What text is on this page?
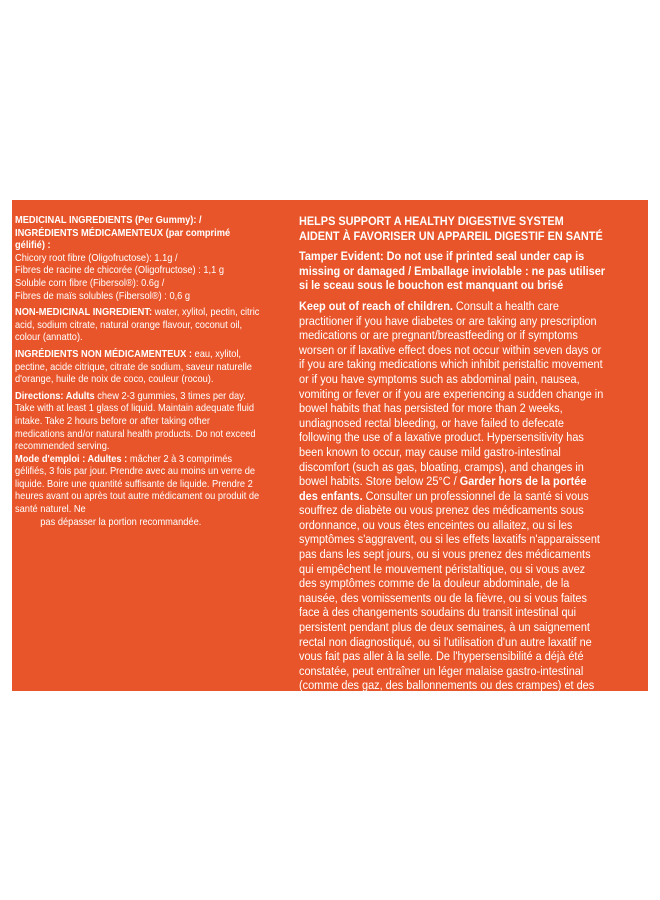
MEDICINAL INGREDIENTS (Per Gummy): /

INGRÉDIENTS MÉDICAMENTEUX (par comprimé gélifié) :

Chicory root fibre (Oligofructose): 1.1g /

Fibres de racine de chicorée (Oligofructose) : 1,1 g

Soluble corn fibre (Fibersol®): 0.6g /

Fibres de maïs solubles (Fibersol®) : 0,6 g

NON-MEDICINAL INGREDIENT: water, xylitol, pectin, citric acid, sodium citrate, natural orange flavour, coconut oil, colour (annatto).

INGRÉDIENTS NON MÉDICAMENTEUX : eau, xylitol, pectine, acide citrique, citrate de sodium, saveur naturelle d'orange, huile de noix de coco, couleur (rocou).

Directions: Adults chew 2-3 gummies, 3 times per day. Take with at least 1 glass of liquid. Maintain adequate fluid intake. Take 2 hours before or after taking other medications and/or natural health products. Do not exceed recommended serving.

Mode d'emploi : Adultes : mâcher 2 à 3 comprimés gélifiés, 3 fois par jour. Prendre avec au moins un verre de liquide. Boire une quantité suffisante de liquide. Prendre 2 heures avant ou après tout autre médicament ou produit de santé naturel. Ne

pas dépasser la portion recommandée.

HELPS SUPPORT A HEALTHY DIGESTIVE SYSTEM

AIDENT À FAVORISER UN APPAREIL DIGESTIF EN SANTÉ

Tamper Evident: Do not use if printed seal under cap is missing or damaged / Emballage inviolable : ne pas utiliser si le sceau sous le bouchon est manquant ou brisé

Keep out of reach of children. Consult a health care practitioner if you have diabetes or are taking any prescription medications or are pregnant/breastfeeding or if symptoms worsen or if laxative effect does not occur within seven days or if you are taking medications which inhibit peristaltic movement or if you have symptoms such as abdominal pain, nausea, vomiting or fever or if you are experiencing a sudden change in bowel habits that has persisted for more than 2 weeks, undiagnosed rectal bleeding, or have failed to defecate following the use of a laxative product. Hypersensitivity has been known to occur, may cause mild gastro-intestinal discomfort (such as gas, bloating, cramps), and changes in bowel habits. Store below 25°C / Garder hors de la portée des enfants. Consulter un professionnel de la santé si vous souffrez de diabète ou vous prenez des médicaments sous ordonnance, ou vous êtes enceintes ou allaitez, ou si les symptômes s'aggravent, ou si les effets laxatifs n'apparaissent pas dans les sept jours, ou si vous prenez des médicaments qui empêchent le mouvement péristaltique, ou si vous avez des symptômes comme de la douleur abdominale, de la nausée, des vomissements ou de la fièvre, ou si vous faites face à des changements soudains du transit intestinal qui persistent pendant plus de deux semaines, à un saignement rectal non diagnostiqué, ou si l'utilisation d'un autre laxatif ne vous fait pas aller à la selle. De l'hypersensibilité a déjà été constatée, peut entraîner un léger malaise gastro-intestinal (comme des gaz, des ballonnements ou des crampes) et des changements du transit intestinal. Conserver à une température inférieure à 25 °C

Fibersol® is a soluble dietary fiber produced by ADM / Matsutani LLC. / Fibersol® sont des fibres alimentaires solubles produites par ADM/Matsutani LLC.
